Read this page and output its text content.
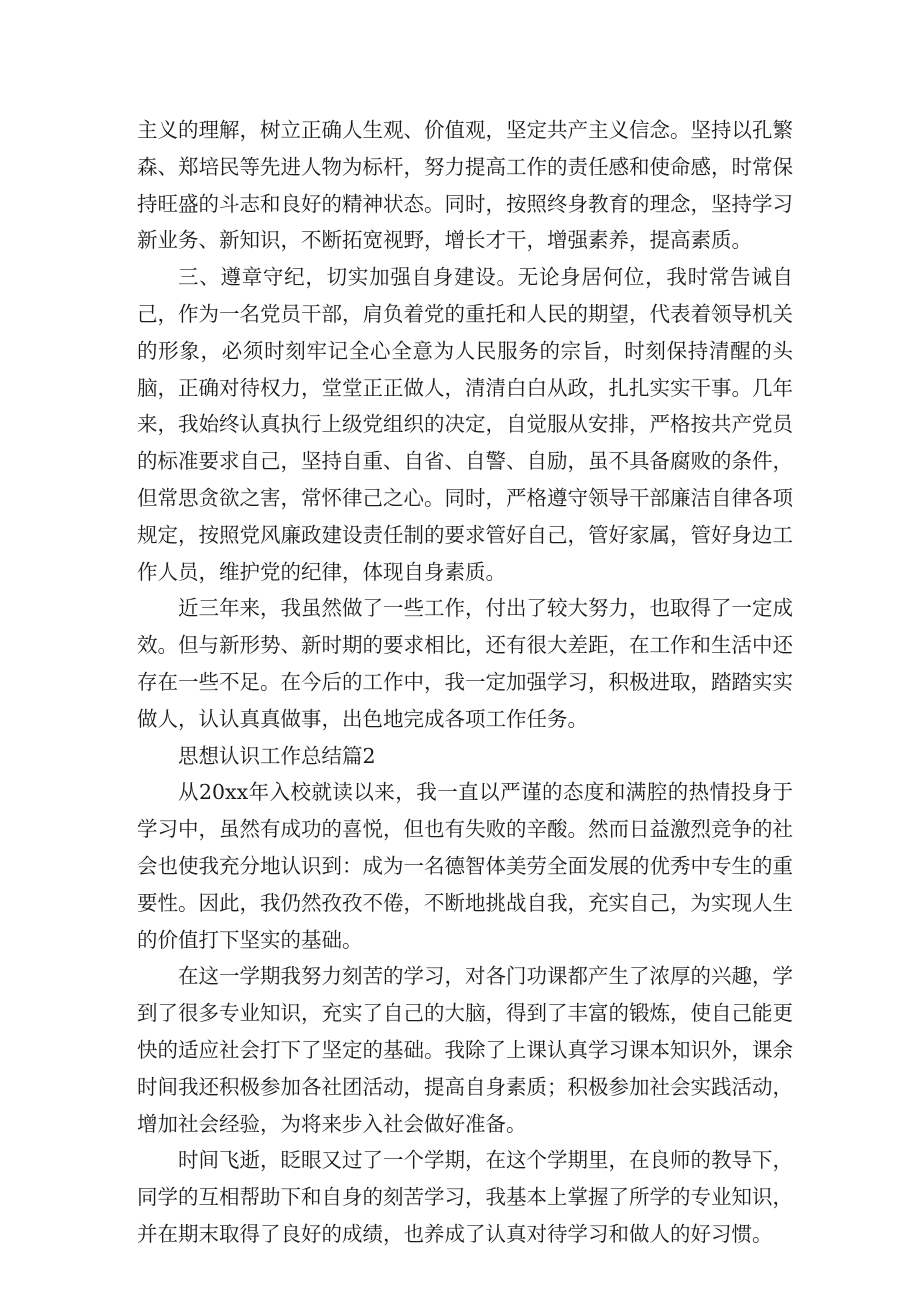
主义的理解，树立正确人生观、价值观，坚定共产主义信念。坚持以孔繁森、郑培民等先进人物为标杆，努力提高工作的责任感和使命感，时常保持旺盛的斗志和良好的精神状态。同时，按照终身教育的理念，坚持学习新业务、新知识，不断拓宽视野，增长才干，增强素养，提高素质。

三、遵章守纪，切实加强自身建设。无论身居何位，我时常告诫自己，作为一名党员干部，肩负着党的重托和人民的期望，代表着领导机关的形象，必须时刻牢记全心全意为人民服务的宗旨，时刻保持清醒的头脑，正确对待权力，堂堂正正做人，清清白白从政，扎扎实实干事。几年来，我始终认真执行上级党组织的决定，自觉服从安排，严格按共产党员的标准要求自己，坚持自重、自省、自警、自励，虽不具备腐败的条件，但常思贪欲之害，常怀律己之心。同时，严格遵守领导干部廉洁自律各项规定，按照党风廉政建设责任制的要求管好自己，管好家属，管好身边工作人员，维护党的纪律，体现自身素质。

近三年来，我虽然做了一些工作，付出了较大努力，也取得了一定成效。但与新形势、新时期的要求相比，还有很大差距，在工作和生活中还存在一些不足。在今后的工作中，我一定加强学习，积极进取，踏踏实实做人，认认真真做事，出色地完成各项工作任务。

思想认识工作总结篇2

从20xx年入校就读以来，我一直以严谨的态度和满腔的热情投身于学习中，虽然有成功的喜悦，但也有失败的辛酸。然而日益激烈竞争的社会也使我充分地认识到：成为一名德智体美劳全面发展的优秀中专生的重要性。因此，我仍然孜孜不倦，不断地挑战自我，充实自己，为实现人生的价值打下坚实的基础。

在这一学期我努力刻苦的学习，对各门功课都产生了浓厚的兴趣，学到了很多专业知识，充实了自己的大脑，得到了丰富的锻炼，使自己能更快的适应社会打下了坚定的基础。我除了上课认真学习课本知识外，课余时间我还积极参加各社团活动，提高自身素质；积极参加社会实践活动，增加社会经验，为将来步入社会做好准备。

时间飞逝，眨眼又过了一个学期，在这个学期里，在良师的教导下，同学的互相帮助下和自身的刻苦学习，我基本上掌握了所学的专业知识，并在期末取得了良好的成绩，也养成了认真对待学习和做人的好习惯。
